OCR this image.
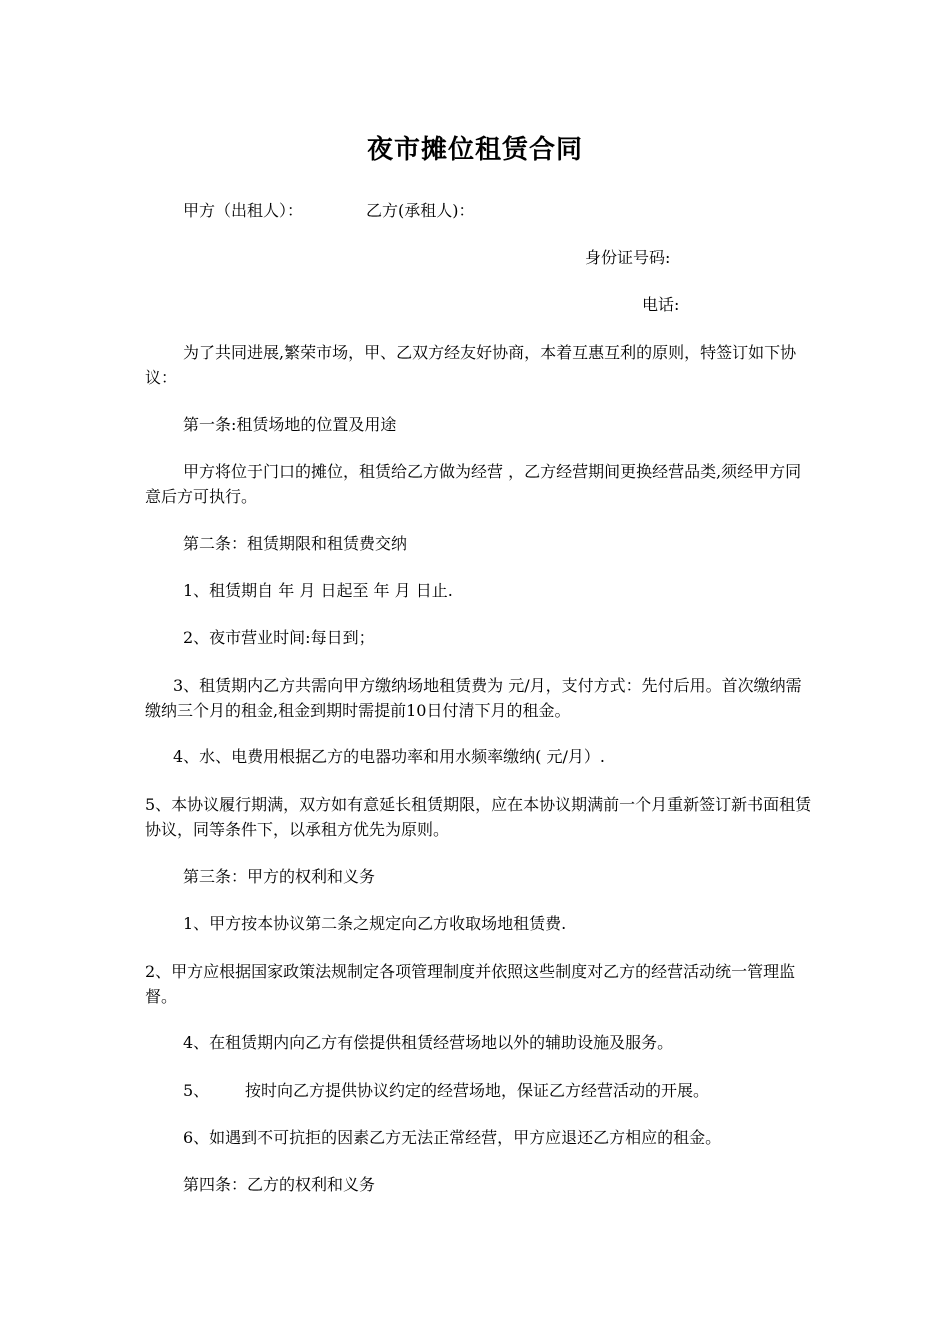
夜市摊位租赁合同
甲方（出租人）：	乙方(承租人)：
身份证号码:
电话:
为了共同进展,繁荣市场，甲、乙双方经友好协商，本着互惠互利的原则，特签订如下协议：
第一条:租赁场地的位置及用途
甲方将位于门口的摊位，租赁给乙方做为经营 ，乙方经营期间更换经营品类,须经甲方同意后方可执行。
第二条：租赁期限和租赁费交纳
1、租赁期自 年 月 日起至 年 月 日止.
2、夜市营业时间:每日到；
3、租赁期内乙方共需向甲方缴纳场地租赁费为 元/月，支付方式：先付后用。首次缴纳需缴纳三个月的租金,租金到期时需提前10日付清下月的租金。
4、水、电费用根据乙方的电器功率和用水频率缴纳( 元/月）.
5、本协议履行期满，双方如有意延长租赁期限，应在本协议期满前一个月重新签订新书面租赁协议，同等条件下，以承租方优先为原则。
第三条：甲方的权利和义务
1、甲方按本协议第二条之规定向乙方收取场地租赁费.
2、甲方应根据国家政策法规制定各项管理制度并依照这些制度对乙方的经营活动统一管理监督。
4、在租赁期内向乙方有偿提供租赁经营场地以外的辅助设施及服务。
5、 按时向乙方提供协议约定的经营场地，保证乙方经营活动的开展。
6、如遇到不可抗拒的因素乙方无法正常经营，甲方应退还乙方相应的租金。
第四条：乙方的权利和义务
